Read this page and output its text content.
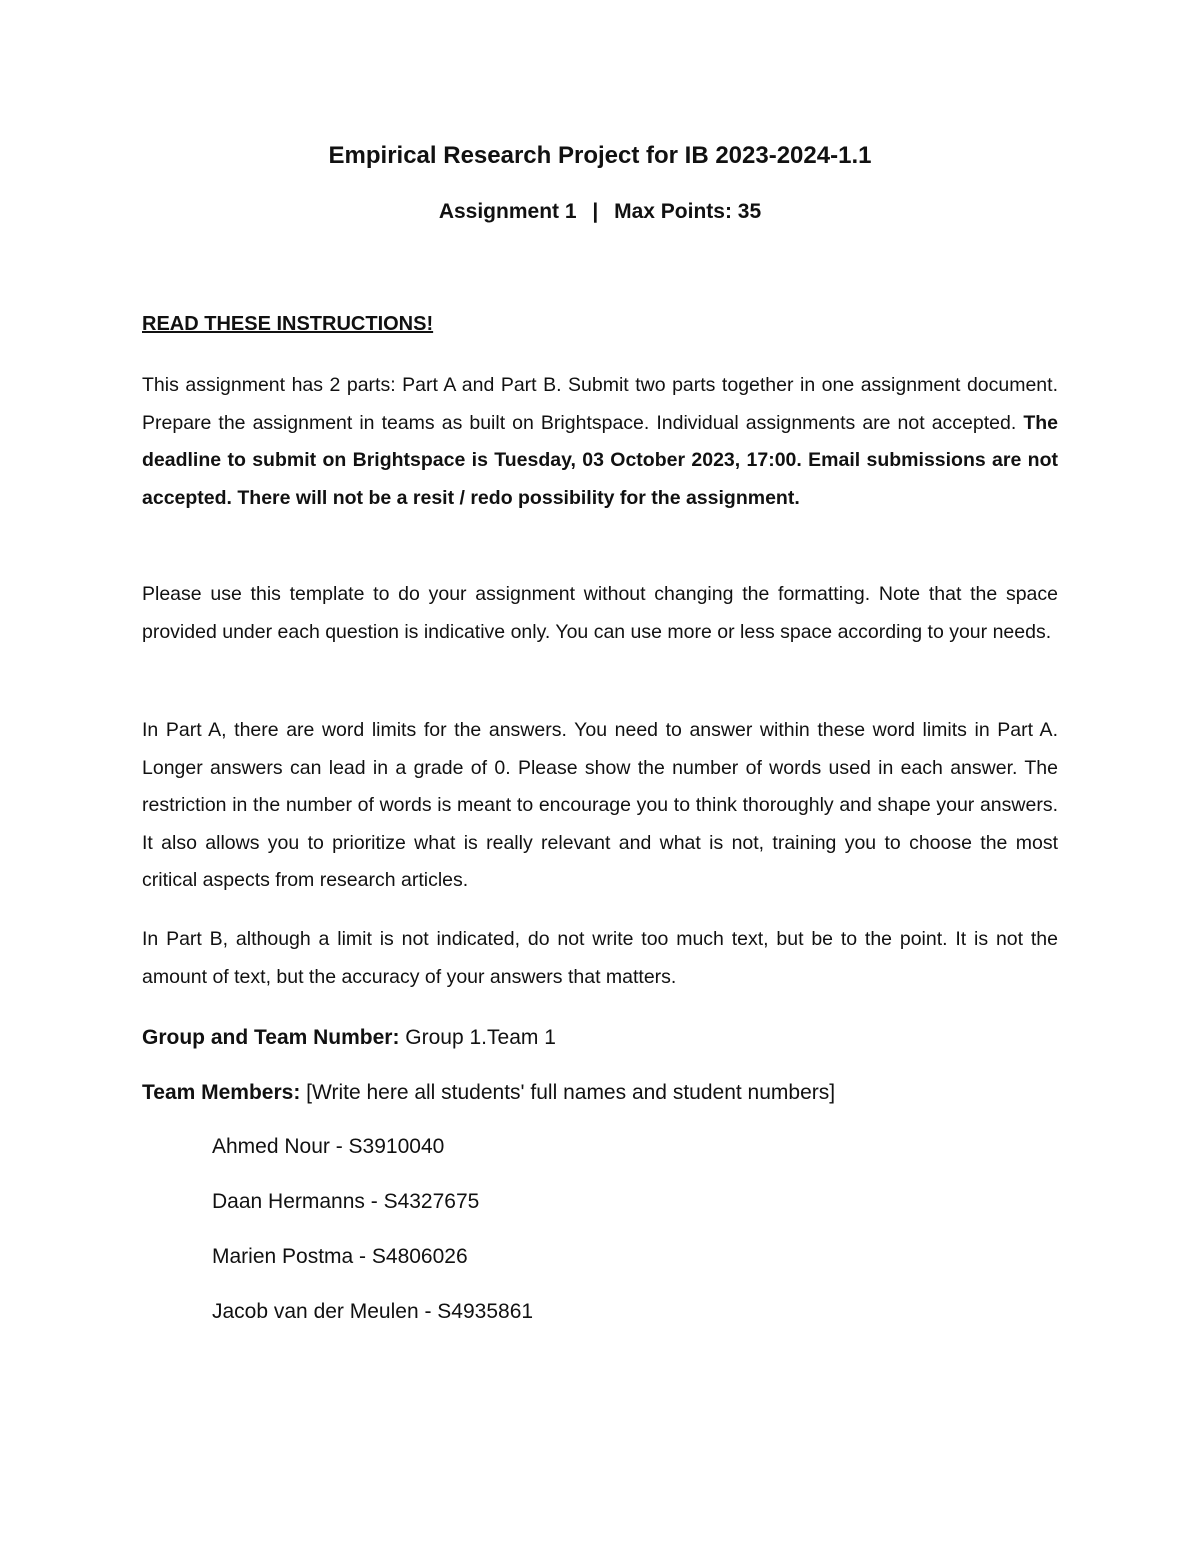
Empirical Research Project for IB 2023-2024-1.1
Assignment 1 | Max Points: 35
READ THESE INSTRUCTIONS!
This assignment has 2 parts: Part A and Part B. Submit two parts together in one assignment document. Prepare the assignment in teams as built on Brightspace. Individual assignments are not accepted. The deadline to submit on Brightspace is Tuesday, 03 October 2023, 17:00. Email submissions are not accepted. There will not be a resit / redo possibility for the assignment.
Please use this template to do your assignment without changing the formatting. Note that the space provided under each question is indicative only. You can use more or less space according to your needs.
In Part A, there are word limits for the answers. You need to answer within these word limits in Part A. Longer answers can lead in a grade of 0. Please show the number of words used in each answer. The restriction in the number of words is meant to encourage you to think thoroughly and shape your answers. It also allows you to prioritize what is really relevant and what is not, training you to choose the most critical aspects from research articles.
In Part B, although a limit is not indicated, do not write too much text, but be to the point. It is not the amount of text, but the accuracy of your answers that matters.
Group and Team Number: Group 1.Team 1
Team Members: [Write here all students' full names and student numbers]
Ahmed Nour - S3910040
Daan Hermanns - S4327675
Marien Postma - S4806026
Jacob van der Meulen - S4935861
